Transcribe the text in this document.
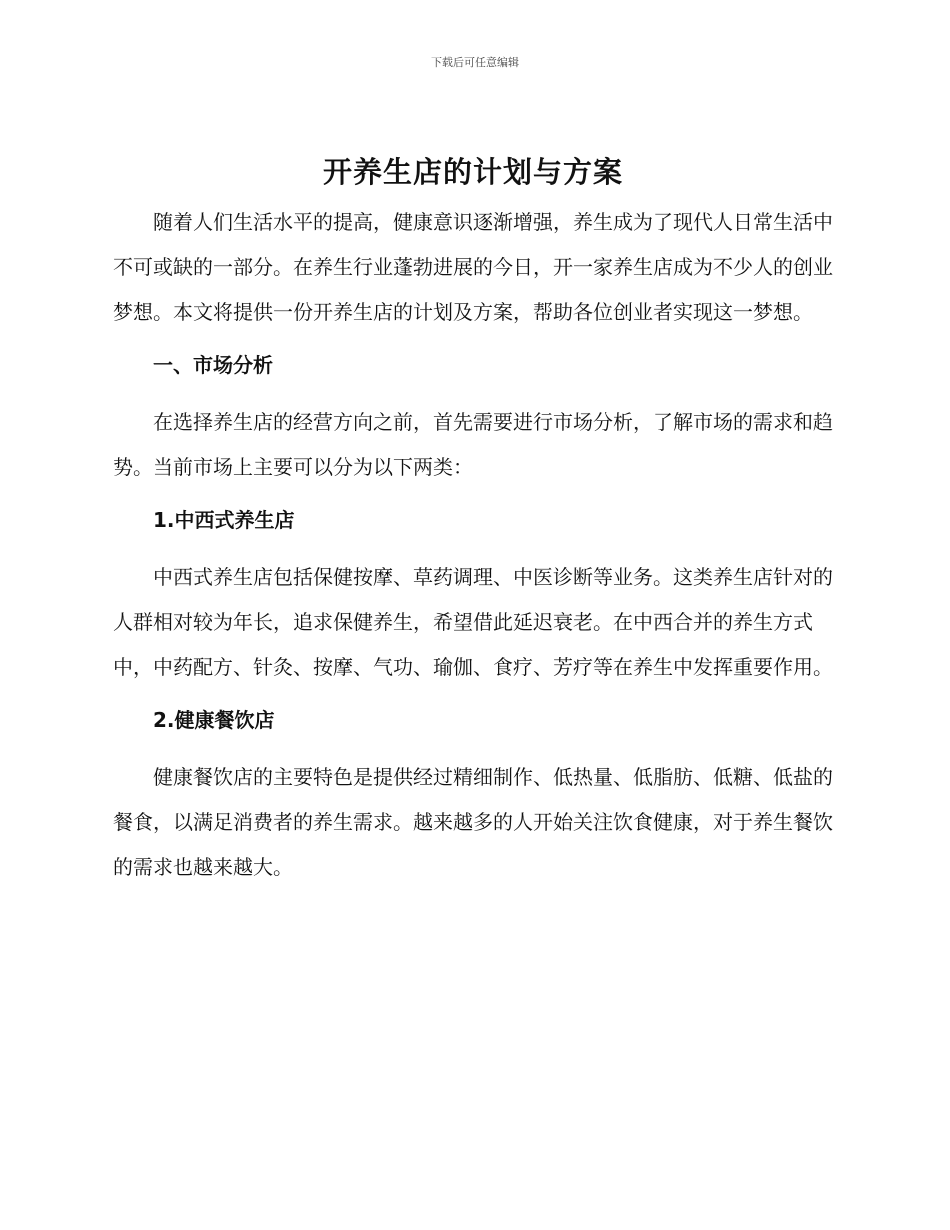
下载后可任意编辑
开养生店的计划与方案

随着人们生活水平的提高，健康意识逐渐增强，养生成为了现代人日常生活中不可或缺的一部分。在养生行业蓬勃进展的今日，开一家养生店成为不少人的创业梦想。本文将提供一份开养生店的计划及方案，帮助各位创业者实现这一梦想。

一、市场分析

在选择养生店的经营方向之前，首先需要进行市场分析，了解市场的需求和趋势。当前市场上主要可以分为以下两类：

1.中西式养生店

中西式养生店包括保健按摩、草药调理、中医诊断等业务。这类养生店针对的人群相对较为年长，追求保健养生，希望借此延迟衰老。在中西合并的养生方式中，中药配方、针灸、按摩、气功、瑜伽、食疗、芳疗等在养生中发挥重要作用。

2.健康餐饮店

健康餐饮店的主要特色是提供经过精细制作、低热量、低脂肪、低糖、低盐的餐食，以满足消费者的养生需求。越来越多的人开始关注饮食健康，对于养生餐饮的需求也越来越大。
